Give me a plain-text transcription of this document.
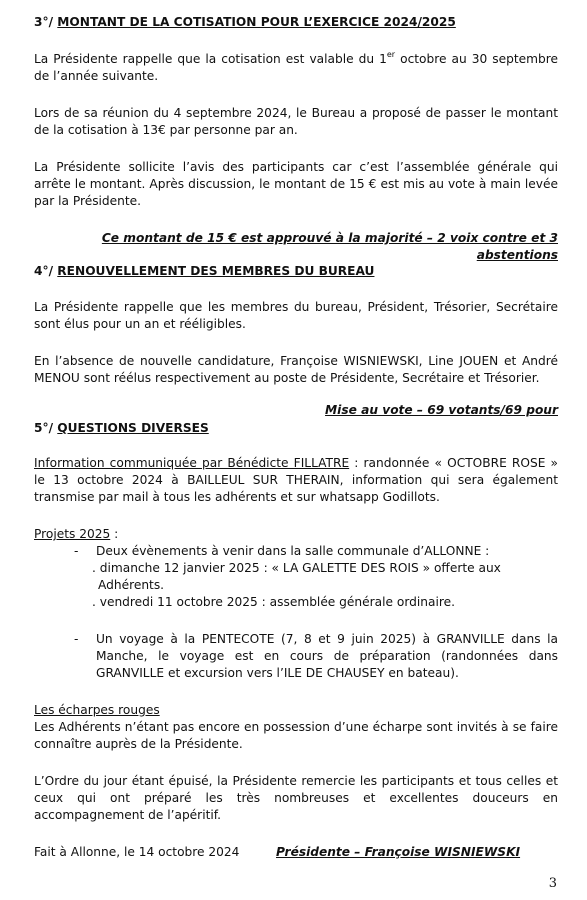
3°/ MONTANT DE LA COTISATION POUR L’EXERCICE 2024/2025

La Présidente rappelle que la cotisation est valable du 1er octobre au 30 septembre de l’année suivante.

Lors de sa réunion du 4 septembre 2024, le Bureau a proposé de passer le montant de la cotisation à 13€ par personne par an.

La Présidente sollicite l’avis des participants car c’est l’assemblée générale qui arrête le montant. Après discussion, le montant de 15 € est mis au vote à main levée par la Présidente.

Ce montant de 15 € est approuvé à la majorité – 2 voix contre et 3 abstentions

4°/ RENOUVELLEMENT DES MEMBRES DU BUREAU

La Présidente rappelle que les membres du bureau, Président, Trésorier, Secrétaire sont élus pour un an et rééligibles.

En l’absence de nouvelle candidature, Françoise WISNIEWSKI, Line JOUEN et André MENOU sont réélus respectivement au poste de Présidente, Secrétaire et Trésorier.

Mise au vote – 69 votants/69 pour

5°/ QUESTIONS DIVERSES

Information communiquée par Bénédicte FILLATRE : randonnée « OCTOBRE ROSE » le 13 octobre 2024 à BAILLEUL SUR THERAIN, information qui sera également transmise par mail à tous les adhérents et sur whatsapp Godillots.

Projets 2025 :

- Deux évènements à venir dans la salle communale d’ALLONNE :

. dimanche 12 janvier 2025 : « LA GALETTE DES ROIS » offerte aux

Adhérents.

. vendredi 11 octobre 2025 : assemblée générale ordinaire.

- Un voyage à la PENTECOTE (7, 8 et 9 juin 2025) à GRANVILLE dans la Manche, le voyage est en cours de préparation (randonnées dans GRANVILLE et excursion vers l’ILE DE CHAUSEY en bateau).

Les écharpes rouges

Les Adhérents n’étant pas encore en possession d’une écharpe sont invités à se faire connaître auprès de la Présidente.

L’Ordre du jour étant épuisé, la Présidente remercie les participants et tous celles et ceux qui ont préparé les très nombreuses et excellentes douceurs en accompagnement de l’apéritif.

Fait à Allonne, le 14 octobre 2024	Présidente – Françoise WISNIEWSKI
3
